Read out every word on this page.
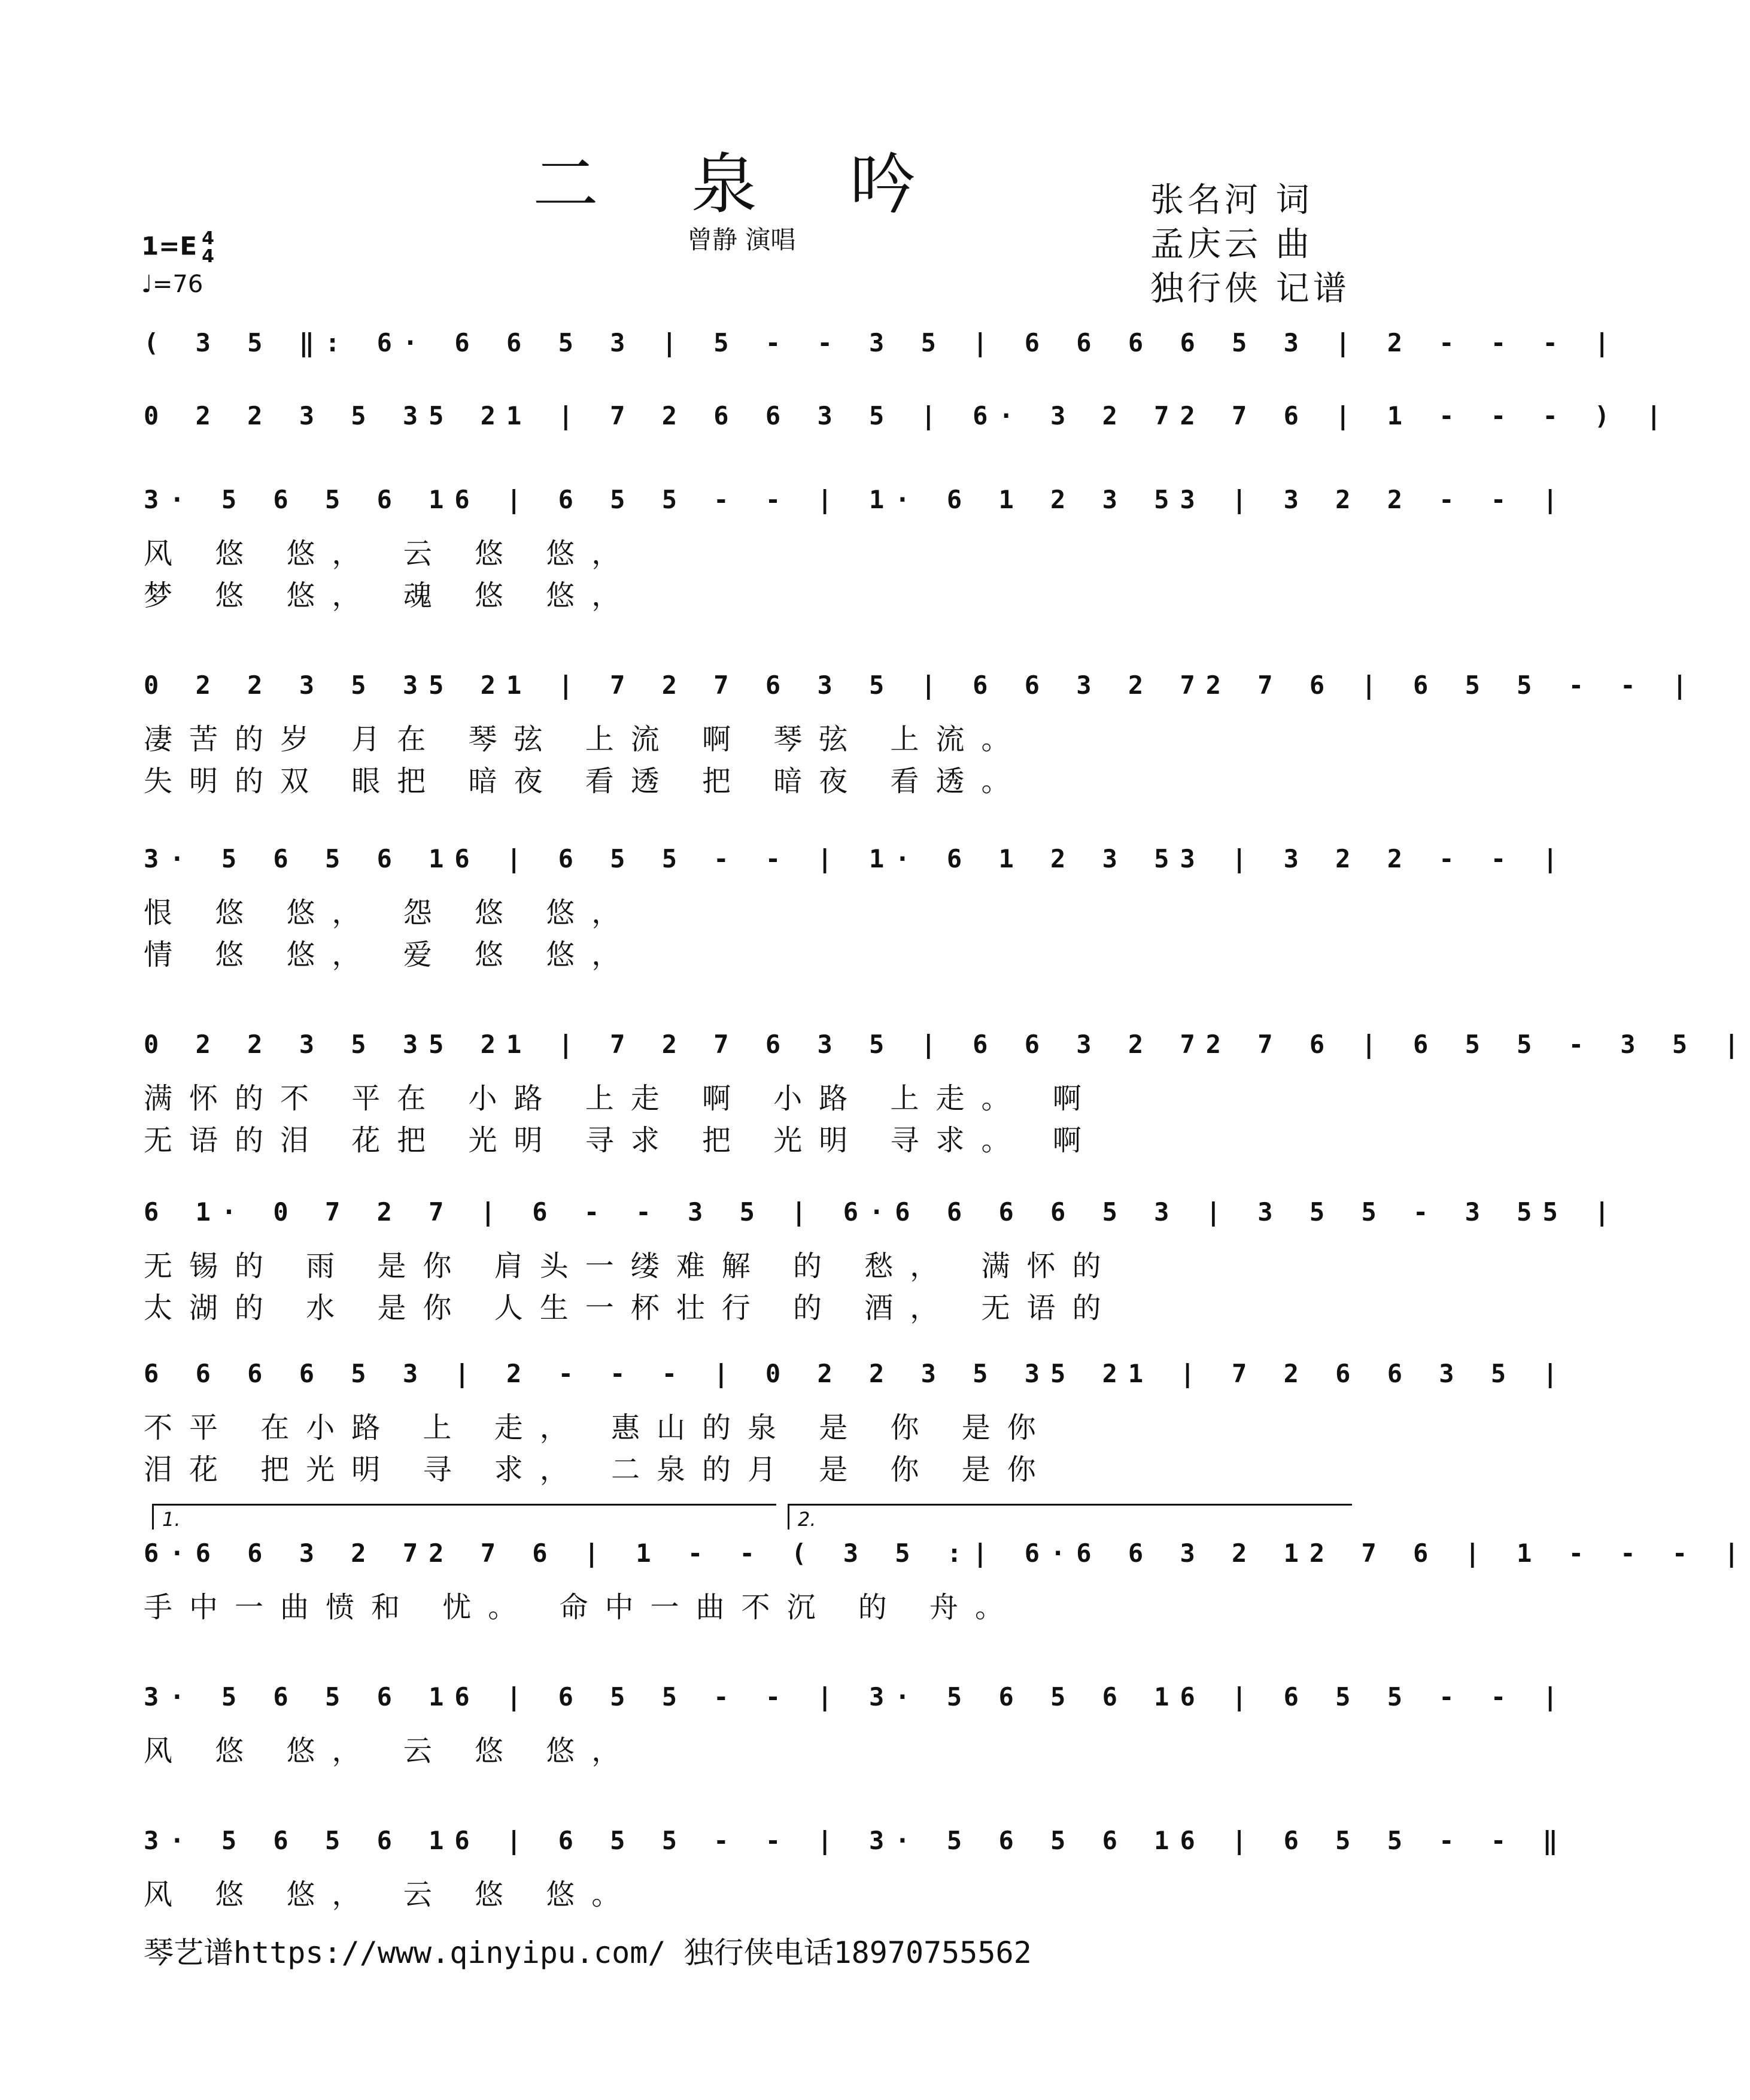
二 泉 吟
曾静 演唱
张名河 词
孟庆云 曲
独行侠 记谱
1=E 4
4
♩=76
( 3 5 ‖: 6· 6 6 5 3 | 5 - - 3 5 | 6 6 6 6 5 3 | 2 - - - |
0 2 2 3 5 35 21 | 7 2 6 6 3 5 | 6· 3 2 72 7 6 | 1 - - - ) |
3· 5 6 5 6 16 | 6 5 5 - - | 1· 6 1 2 3 53 | 3 2 2 - - |
风 悠 悠， 云 悠 悠，
梦 悠 悠， 魂 悠 悠，
0 2 2 3 5 35 21 | 7 2 7 6 3 5 | 6 6 3 2 72 7 6 | 6 5 5 - - |
凄苦的岁 月在 琴弦 上流 啊 琴弦 上流。
失明的双 眼把 暗夜 看透 把 暗夜 看透。
3· 5 6 5 6 16 | 6 5 5 - - | 1· 6 1 2 3 53 | 3 2 2 - - |
恨 悠 悠， 怨 悠 悠，
情 悠 悠， 爱 悠 悠，
0 2 2 3 5 35 21 | 7 2 7 6 3 5 | 6 6 3 2 72 7 6 | 6 5 5 - 3 5 |
满怀的不 平在 小路 上走 啊 小路 上走。 啊
无语的泪 花把 光明 寻求 把 光明 寻求。 啊
6 1· 0 7 2 7 | 6 - - 3 5 | 6·6 6 6 6 5 3 | 3 5 5 - 3 55 |
无锡的 雨 是你 肩头一缕难解 的 愁， 满怀的
太湖的 水 是你 人生一杯壮行 的 酒， 无语的
6 6 6 6 5 3 | 2 - - - | 0 2 2 3 5 35 21 | 7 2 6 6 3 5 |
不平 在小路 上 走， 惠山的泉 是 你 是你
泪花 把光明 寻 求， 二泉的月 是 你 是你
6·6 6 3 2 72 7 6 | 1 - - ( 3 5 :| 6·6 6 3 2 12 7 6 | 1 - - - |
手中一曲愤和 忧。 命中一曲不沉 的 舟。
3· 5 6 5 6 16 | 6 5 5 - - | 3· 5 6 5 6 16 | 6 5 5 - - |
风 悠 悠， 云 悠 悠，
3· 5 6 5 6 16 | 6 5 5 - - | 3· 5 6 5 6 16 | 6 5 5 - - ‖
风 悠 悠， 云 悠 悠。
1.	2.
琴艺谱https://www.qinyipu.com/ 独行侠电话18970755562
